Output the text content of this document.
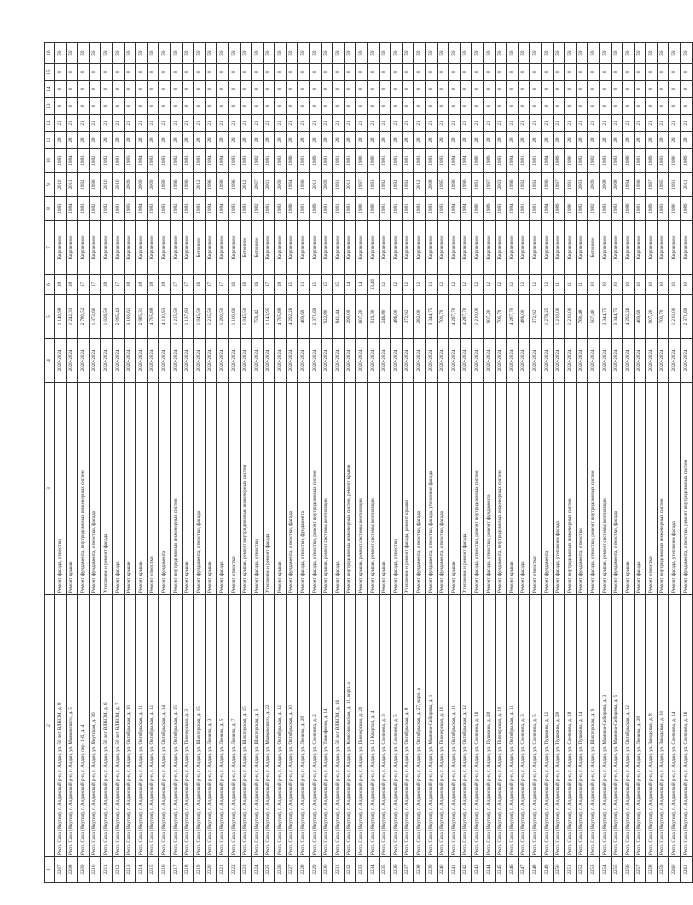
1	2	3	4	5	6	7	8	9	10	11	12	13	14	15	16
2207	Респ. Саха (Якутия), г. Алданский р-н, г. Алдан, ул. 50 лет ВЛКСМ, д. 8	Ремонт фасада, отмостки	2020-2024	1 140,98	18	Кирпичное	1983	2010	1983	28	21	0	0	0	59
2208	Респ. Саха (Якутия), г. Алданский р-н, г. Алдан, ул. Маяковского, д. 5	Ремонт крыши	2020-2024	1 242,33	18	Кирпичное	1984	2011	1984	28	21	0	0	0	59
2209	Респ. Саха (Якутия), г. Алданский р-н, г. Алдан, пер. 1-й, д. 4	Ремонт фундамента, внутридомовых инженерных систем	2020-2024	2 780,52	17	Кирпичное	1983	1992	1983	28	21	0	0	0	59
2210	Респ. Саха (Якутия), г. Алданский р-н, г. Алдан, ул. Якутская, д. 39	Ремонт фундамента, отмостки, фасада	2020-2024	1 372,60	17	Кирпичное	1982	1996	1982	28	21	0	0	0	59
2211	Респ. Саха (Якутия), г. Алданский р-н, г. Алдан, ул. 50 лет ВЛКСМ, д. 6	Утепление и ремонт фасада	2020-2024	1 026,50	18	Кирпичное	1982	2010	1982	28	21	0	0	0	59
2212	Респ. Саха (Якутия), г. Алданский р-н, г. Алдан, ул. 50 лет ВЛКСМ, д. 7	Ремонт фасада	2020-2024	2 095,43	17	Кирпичное	1981	2010	1981	28	21	0	0	0	59
2213	Респ. Саха (Якутия), г. Алданский р-н, г. Алдан, ул. Октябрьская, д. 10	Ремонт крыши	2020-2024	3 100,61	18	Кирпичное	1983	2009	1983	28	21	0	0	0	59
2214	Респ. Саха (Якутия), г. Алданский р-н, г. Алдан, ул. Октябрьская, д. 11	Ремонт крыши	2020-2024	2 985,31	18	Кирпичное	1984	2009	1984	28	21	0	0	0	59
2215	Респ. Саха (Якутия), г. Алданский р-н, г. Алдан, ул. Октябрьская, д. 12	Ремонт отмостки	2020-2024	4 705,88	18	Кирпичное	1983	2009	1983	28	21	0	0	0	59
2216	Респ. Саха (Якутия), г. Алданский р-н, г. Алдан, ул. Октябрьская, д. 14	Ремонт фундамента	2020-2024	4 110,93	18	Кирпичное	1983	1999	1983	28	21	0	0	0	59
2217	Респ. Саха (Якутия), г. Алданский р-н, г. Алдан, ул. Октябрьская, д. 15	Ремонт внутридомовых инженерных систем	2020-2024	1 215,50	17	Кирпичное	1982	1996	1982	28	21	0	0	0	59
2218	Респ. Саха (Якутия), г. Алданский р-н, г. Алдан, ул. Пионерская, д. 3	Ремонт крыши	2020-2024	1 137,83	17	Кирпичное	1983	1996	1983	28	21	0	0	0	59
2219	Респ. Саха (Якутия), г. Алданский р-н, г. Алдан, ул. Шахтерская, д. 15	Ремонт фундамента, отмостки, фасада	2020-2024	1 045,50	16	Бетонное	1983	2012	1983	28	21	0	0	0	59
2220	Респ. Саха (Якутия), г. Алданский р-н, г. Алдан, ул. Ленина, д. 3	Ремонт крыши	2020-2024	1 215,50	17	Кирпичное	1984	1996	1984	28	21	0	0	0	59
2221	Респ. Саха (Якутия), г. Алданский р-н, г. Алдан, ул. Ленина, д. 5	Ремонт фасада	2020-2024	1 200,50	17	Кирпичное	1984	1996	1984	28	21	0	0	0	59
2222	Респ. Саха (Якутия), г. Алданский р-н, г. Алдан, ул. Ленина, д. 7	Ремонт отмостки	2020-2024	1 100,60	16	Кирпичное	1983	1996	1983	28	21	0	0	0	59
2223	Респ. Саха (Якутия), г. Алданский р-н, г. Алдан, ул. Шахтерская, д. 15	Ремонт крыши, ремонт внутридомовых инженерных систем	2020-2024	1 045,50	16	Бетонное	1983	2012	1983	28	21	0	0	0	59
2224	Респ. Саха (Якутия), г. Алданский р-н, г. Алдан, ул. Шахтерская, д. 5	Ремонт фасада, отмостки	2020-2024	759,42	16	Бетонное	1982	2007	1982	28	21	0	0	0	59
2225	Респ. Саха (Якутия), г. Алданский р-н, г. Алдан, ул. Маяковского, д. 22	Утепление и ремонт фасада	2020-2024	1 143,95	17	Кирпичное	1981	2001	1981	28	21	0	0	0	59
2226	Респ. Саха (Якутия), г. Алданский р-н, г. Алдан, ул. Октябрьская, д. 12	Ремонт крыши	2020-2024	4 705,88	18	Кирпичное	1983	2009	1983	28	21	0	0	0	59
2227	Респ. Саха (Якутия), г. Алданский р-н, г. Алдан, ул. Октябрьская, д. 10	Ремонт фундамента, отмостки, фасада	2020-2024	4 292,26	15	Кирпичное	1986	1994	1986	28	21	0	0	0	59
2228	Респ. Саха (Якутия), г. Алданский р-н, г. Алдан, ул. Ленина, д. 28	Ремонт фасада, отмостки, фундамента	2020-2024	469,69	13	Кирпичное	1981	1996	1981	28	21	0	0	0	59
2229	Респ. Саха (Якутия), г. Алданский р-н, г. Алдан, ул. Слепнева, д. 2	Ремонт фасада, отмостки, ремонт внутридомовых систем	2020-2024	2 371,69	15	Кирпичное	1989	2011	1989	28	21	0	0	0	59
2230	Респ. Саха (Якутия), г. Алданский р-н, г. Алдан, ул. Тимофеева, д. 14	Ремонт крыши, ремонт системы вентиляции	2020-2024	922,80	15	Кирпичное	1981	2009	1981	28	21	0	0	0	59
2231	Респ. Саха (Якутия), г. Алданский р-н, г. Алдан, ул. 50 лет ВЛКСМ, д. 16	Ремонт фасада	2020-2024	841,44	15	Кирпичное	1981	1991	1981	28	21	0	0	0	59
2232	Респ. Саха (Якутия), г. Алданский р-н, г. Алдан, ул. Комсомольская, д. 11, корп. а	Ремонт внутридомовых инженерных систем, ремонт крыши	2020-2024	290,09	14	Кирпичное	1981	2011	1981	28	21	0	0	0	59
2233	Респ. Саха (Якутия), г. Алданский р-н, г. Алдан, ул. Пионерская, д. 20	Ремонт крыши, ремонт системы вентиляции	2020-2024	607,20	14	Кирпичное	1980	1997	1980	28	21	0	0	0	59
2234	Респ. Саха (Якутия), г. Алданский р-н, г. Алдан, ул. 12 Квартал, д. 4	Ремонт крыши, ремонт системы вентиляции	2020-2024	919,30	13,40	Кирпичное	1980	1993	1980	28	21	0	0	0	59
2235	Респ. Саха (Якутия), г. Алданский р-н, г. Алдан, ул. Слепнева, д. 3	Ремонт крыши	2020-2024	246,80	12	Кирпичное	1981	1992	1981	28	21	0	0	0	59
2236	Респ. Саха (Якутия), г. Алданский р-н, г. Алдан, ул. Слепнева, д. 5	Ремонт фасада, отмостки	2020-2024	486,00	12	Кирпичное	1981	1992	1981	28	21	0	0	0	59
2237	Респ. Саха (Якутия), г. Алданский р-н, г. Алдан, ул. Октябрьская, д. 8	Утепление и ремонт фасада, ремонт крыши	2020-2024	372,92	12	Кирпичное	1981	1992	1981	28	21	0	0	0	59
2238	Респ. Саха (Якутия), г. Алданский р-н, г. Алдан, ул. Октябрьская, д. 27, корп. а	Ремонт фундамента, отмостки, фасада	2020-2024	282,00	12	Кирпичное	1983	2012	1983	28	21	0	0	0	59
2239	Респ. Саха (Якутия), г. Алданский р-н, г. Алдан, ул. Мамина-Сибиряка, д. 1	Ремонт фундамента, отмостки, фасада, утепление фасада	2020-2024	3 344,75	13	Кирпичное	1983	2008	1983	28	21	0	0	0	59
2240	Респ. Саха (Якутия), г. Алданский р-н, г. Алдан, ул. Пионерская, д. 10	Ремонт фундамента, отмостки, фасада	2020-2024	700,79	12	Кирпичное	1983	1995	1983	28	21	0	0	0	59
2241	Респ. Саха (Якутия), г. Алданский р-н, г. Алдан, ул. Октябрьская, д. 11	Ремонт крыши	2020-2024	4 287,70	12	Кирпичное	1984	1996	1984	28	21	0	0	0	59
2242	Респ. Саха (Якутия), г. Алданский р-н, г. Алдан, ул. Октябрьская, д. 12	Утепление и ремонт фасада	2020-2024	4 287,70	12	Кирпичное	1984	1996	1984	28	21	0	0	0	59
2243	Респ. Саха (Якутия), г. Алданский р-н, г. Алдан, ул. Слепнева, д. 16	Ремонт фасада, отмостки, ремонт внутридомовых систем	2020-2024	1 210,00	12	Кирпичное	1980	1991	1980	28	21	0	0	0	59
2244	Респ. Саха (Якутия), г. Алданский р-н, г. Алдан, ул. Пушкина, д. 28	Ремонт фасада, отмостки, ремонт фундамента	2020-2024	907,20	12	Кирпичное	1989	1997	1989	28	21	0	0	0	59
2245	Респ. Саха (Якутия), г. Алданский р-н, г. Алдан, ул. Пионерская, д. 10	Ремонт фундамента, внутридомовых инженерных систем	2020-2024	700,79	12	Кирпичное	1983	2003	1983	28	21	0	0	0	59
2246	Респ. Саха (Якутия), г. Алданский р-н, г. Алдан, ул. Октябрьская, д. 11	Ремонт крыши	2020-2024	4 287,70	12	Кирпичное	1984	1996	1984	28	21	0	0	0	59
2247	Респ. Саха (Якутия), г. Алданский р-н, г. Алдан, ул. Слепнева, д. 3	Ремонт фасада	2020-2024	486,00	12	Кирпичное	1981	1992	1981	28	21	0	0	0	59
2248	Респ. Саха (Якутия), г. Алданский р-н, г. Алдан, ул. Слепнева, д. 5	Ремонт отмостки	2020-2024	372,92	12	Кирпичное	1981	1992	1981	28	21	0	0	0	59
2249	Респ. Саха (Якутия), г. Алданский р-н, г. Алдан, ул. Пушкина, д. 12	Ремонт фундамента	2020-2024	1 276,25	12	Кирпичное	1984	1996	1984	28	21	0	0	0	59
2250	Респ. Саха (Якутия), г. Алданский р-н, г. Алдан, ул. Пушкина, д. 28	Ремонт фасада, утепление фасада	2020-2024	1 210,00	11	Кирпичное	1989	1997	1989	28	21	0	0	0	59
2251	Респ. Саха (Якутия), г. Алданский р-н, г. Алдан, ул. Слепнева, д. 18	Ремонт внутридомовых инженерных систем	2020-2024	1 210,00	11	Кирпичное	1980	1991	1980	28	21	0	0	0	59
2252	Респ. Саха (Якутия), г. Алданский р-н, г. Алдан, ул. Пушкина, д. 14	Ремонт фундамента, отмостки	2020-2024	760,48	11	Кирпичное	1982	2003	1982	28	21	0	0	0	59
2253	Респ. Саха (Якутия), г. Алданский р-н, г. Алдан, ул. Шахтерская, д. 9	Ремонт фасада, отмостки, ремонт внутридомовых систем	2020-2024	507,40	10	Бетонное	1982	2009	1982	28	21	0	0	0	59
2254	Респ. Саха (Якутия), г. Алданский р-н, г. Алдан, ул. Мамина-Сибиряка, д. 3	Ремонт крыши, ремонт системы вентиляции	2020-2024	3 344,75	10	Кирпичное	1983	2008	1983	28	21	0	0	0	59
2255	Респ. Саха (Якутия), г. Алданский р-н, г. Алдан, ул. Мамина-Сибиряка, д. 5	Ремонт фундамента, отмостки, фасада	2020-2024	3 344,75	10	Кирпичное	1983	2008	1983	28	21	0	0	0	59
2256	Респ. Саха (Якутия), г. Алданский р-н, г. Алдан, ул. Октябрьская, д. 12	Ремонт крыши	2020-2024	4 292,26	10	Кирпичное	1986	1994	1986	28	21	0	0	0	59
2257	Респ. Саха (Якутия), г. Алданский р-н, г. Алдан, ул. Ленина, д. 28	Ремонт фасада	2020-2024	469,69	10	Кирпичное	1981	1996	1981	28	21	0	0	0	59
2258	Респ. Саха (Якутия), г. Алданский р-н, г. Алдан, ул. Заводская, д. 8	Ремонт отмостки	2020-2024	907,20	10	Кирпичное	1989	1997	1989	28	21	0	0	0	59
2259	Респ. Саха (Якутия), г. Алданский р-н, г. Алдан, ул. Заводская, д. 10	Ремонт внутридомовых инженерных систем	2020-2024	700,79	10	Кирпичное	1983	1995	1983	28	21	0	0	0	59
2260	Респ. Саха (Якутия), г. Алданский р-н, г. Алдан, ул. Слепнева, д. 14	Ремонт фасада, утепление фасада	2020-2024	1 210,00	10	Кирпичное	1980	1991	1980	28	21	0	0	0	59
2261	Респ. Саха (Якутия), г. Алданский р-н, г. Алдан, ул. Слепнева, д. 16	Ремонт фундамента, отмостки, ремонт внутридомовых систем	2020-2024	2 371,69	10	Кирпичное	1989	2011	1989	28	21	0	0	0	59
